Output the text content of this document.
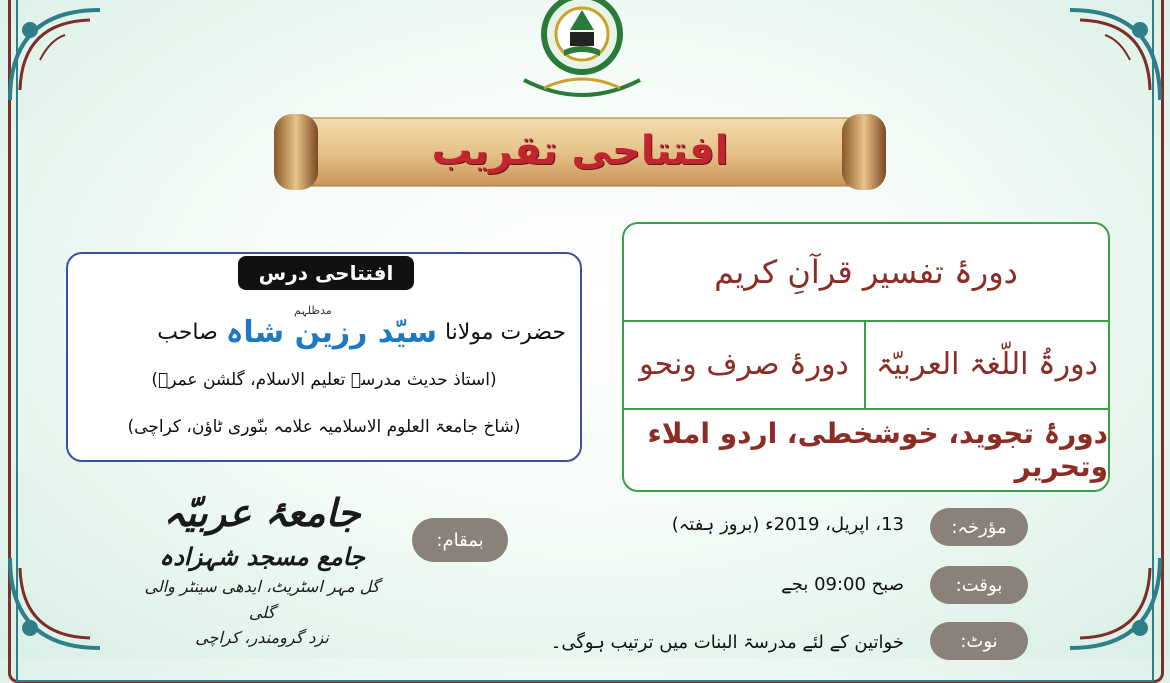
افتتاحی تقریب
دورۂ تفسیر قرآنِ کریم
دورۃُ اللّغۃ العربیّۃ
دورۂ صرف ونحو
دورۂ تجوید، خوشخطی، اردو املاء وتحریر
افتتاحی درس
مدظلہم
حضرت مولانا
سیّد رزین شاہ
صاحب
(استاذ حدیث مدرسہ تعلیم الاسلام، گلشن عمرؒ)
(شاخ جامعۃ العلوم الاسلامیہ علامہ بنّوری ٹاؤن، کراچی)
بمقام:
جامعۂ عربیّہ
جامع مسجد شہزادہ
گل مہر اسٹریٹ، ایدھی سینٹر والی گلی
نزد گرومندر، کراچی
مؤرخہ:
13، اپریل، 2019ء (بروز ہفتہ)
بوقت:
صبح 09:00 بجے
نوٹ:
خواتین کے لئے مدرسۃ البنات میں ترتیب ہوگی۔
